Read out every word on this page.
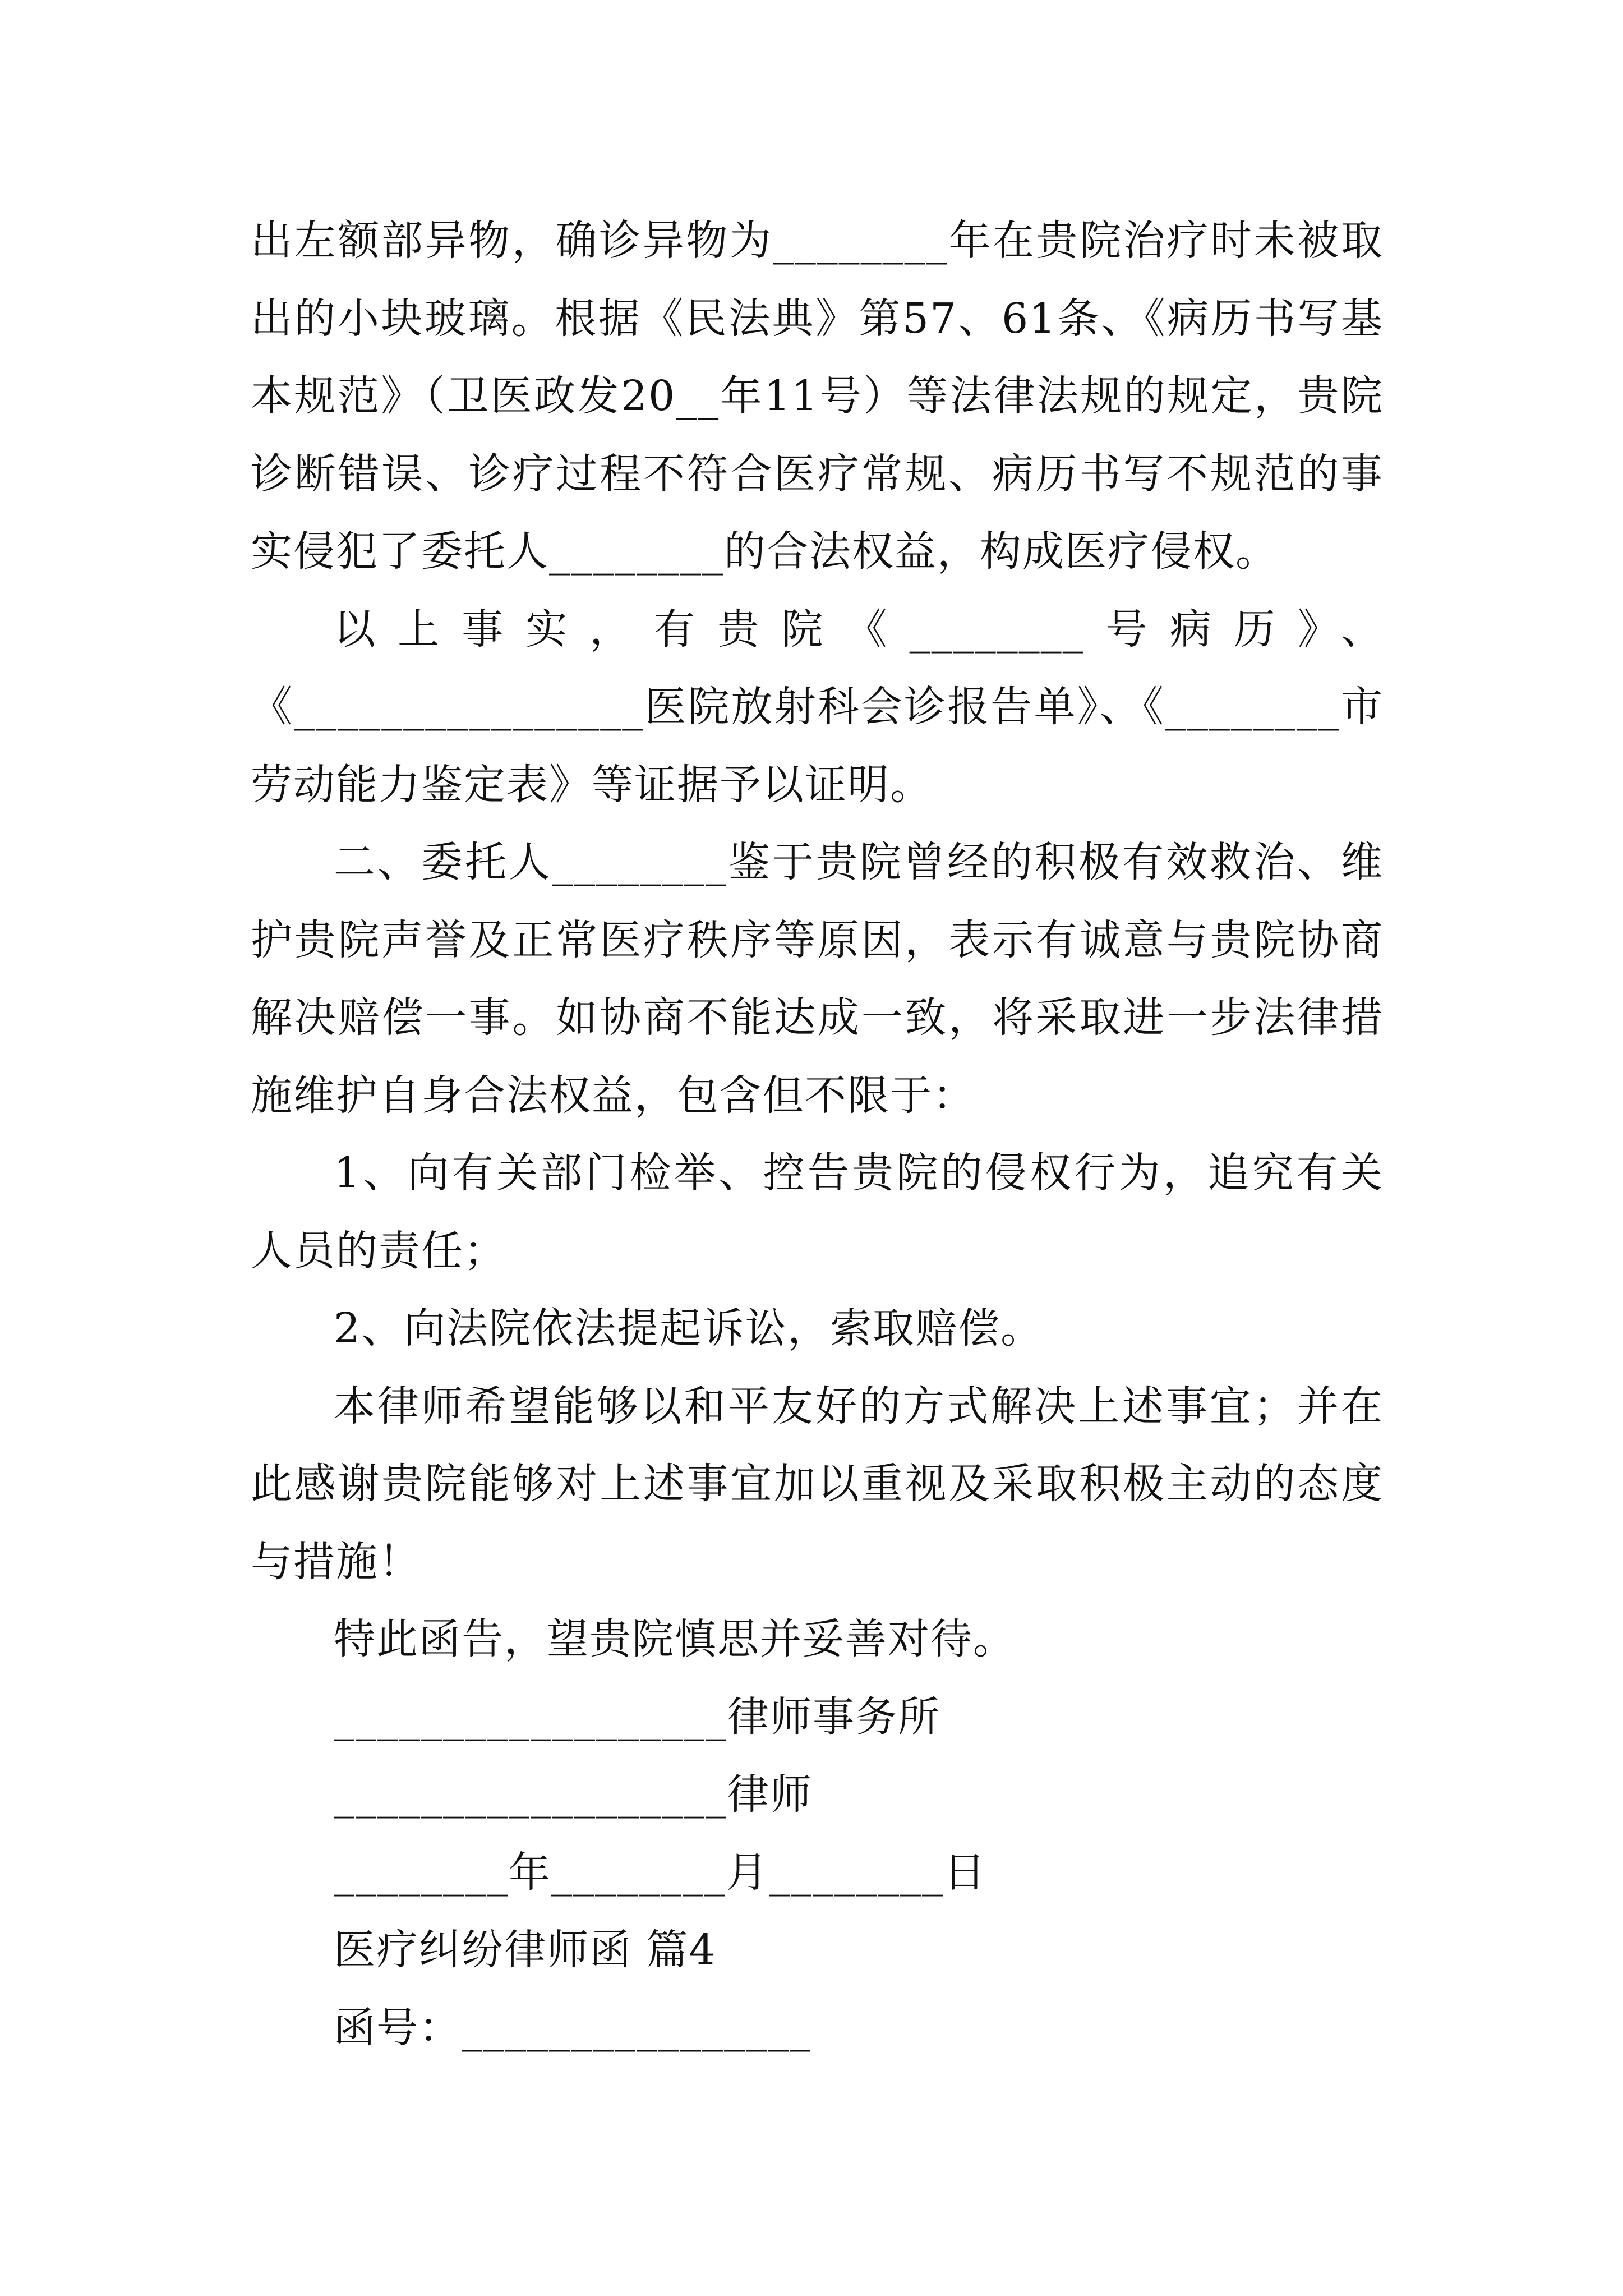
出左额部异物，确诊异物为________年在贵院治疗时未被取出的小块玻璃。根据《民法典》第57、61条、《病历书写基本规范》（卫医政发20__年11号）等法律法规的规定，贵院诊断错误、诊疗过程不符合医疗常规、病历书写不规范的事实侵犯了委托人________的合法权益，构成医疗侵权。

以上事实，有贵院《________号病历》、《________________医院放射科会诊报告单》、《________市劳动能力鉴定表》等证据予以证明。

二、委托人________鉴于贵院曾经的积极有效救治、维护贵院声誉及正常医疗秩序等原因，表示有诚意与贵院协商解决赔偿一事。如协商不能达成一致，将采取进一步法律措施维护自身合法权益，包含但不限于：

1、向有关部门检举、控告贵院的侵权行为，追究有关人员的责任；

2、向法院依法提起诉讼，索取赔偿。

本律师希望能够以和平友好的方式解决上述事宜；并在此感谢贵院能够对上述事宜加以重视及采取积极主动的态度与措施！

特此函告，望贵院慎思并妥善对待。

__________________律师事务所

__________________律师

________年________月________日

医疗纠纷律师函 篇4

函号：________________
